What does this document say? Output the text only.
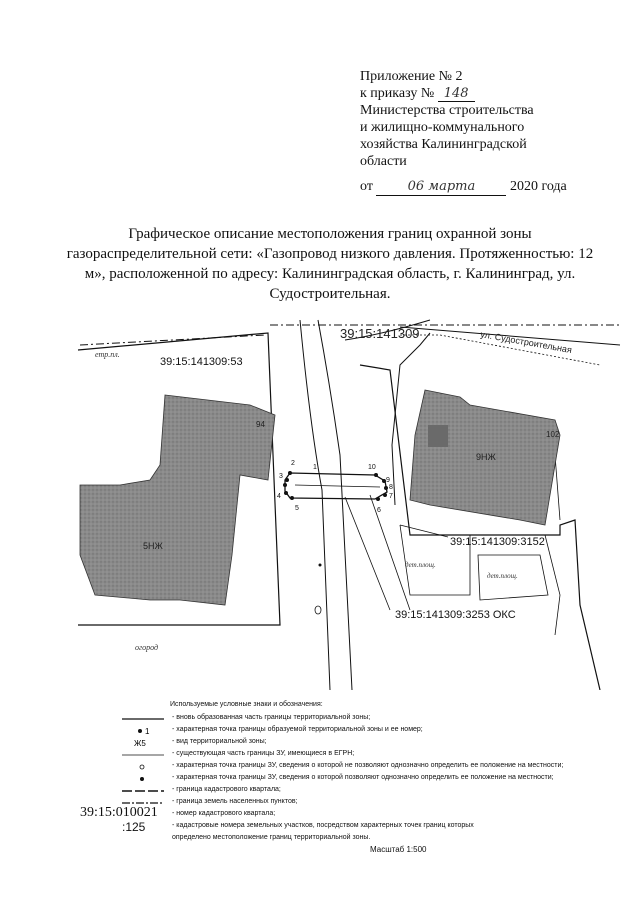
Приложение № 2
к приказу № 148
Министерства строительства
и жилищно-коммунального
хозяйства Калининградской
области
от	06 марта 2020 года
Графическое описание местоположения границ охранной зоны газораспределительной сети: «Газопровод низкого давления. Протяженностью: 12 м», расположенной по адресу: Калининградская область, г. Калининград, ул. Судостроительная.
39:15:141309	ул. Судостроительная
39:15:141309:53
етр.пл.
огород
94
5НЖ
102
9НЖ
39:15:141309:3152
39:15:141309:3253 ОКС
дет.площ.
дет.площ.
1
2
3
4
5	6
7
8
9
10
Используемые условные знаки и обозначения:
- вновь образованная часть границы территориальной зоны;
1	- характерная точка границы образуемой территориальной зоны и ее номер;
Ж5	- вид территориальной зоны;
- существующая часть границы ЗУ, имеющиеся в ЕГРН;
- характерная точка границы ЗУ, сведения о которой не позволяют однозначно определить ее положение на местности;
- характерная точка границы ЗУ, сведения о которой позволяют однозначно определить ее положение на местности;
- граница кадастрового квартала;
- граница земель населенных пунктов;
- номер кадастрового квартала;
- кадастровые номера земельных участков, посредством характерных точек границ которых
определено местоположение границ территориальной зоны.
Масштаб 1:500
39:15:010021
:125
